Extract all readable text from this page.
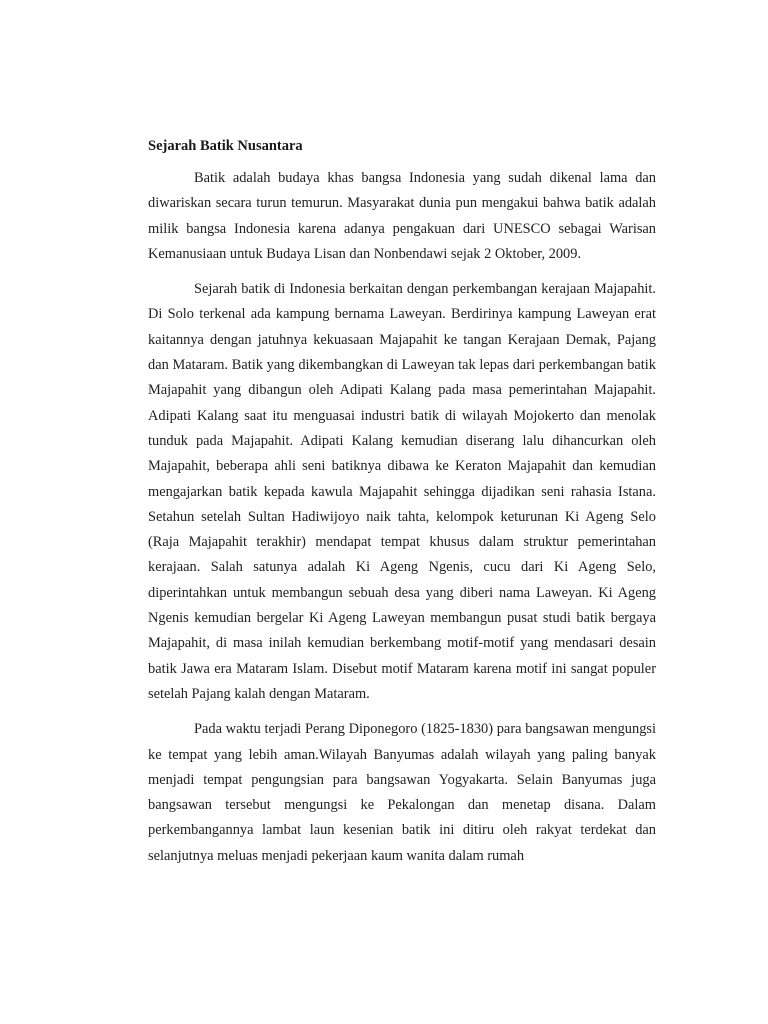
Sejarah Batik Nusantara

Batik adalah budaya khas bangsa Indonesia yang sudah dikenal lama dan diwariskan secara turun temurun. Masyarakat dunia pun mengakui bahwa batik adalah milik bangsa Indonesia karena adanya pengakuan dari UNESCO sebagai Warisan Kemanusiaan untuk Budaya Lisan dan Nonbendawi sejak 2 Oktober, 2009.

Sejarah batik di Indonesia berkaitan dengan perkembangan kerajaan Majapahit. Di Solo terkenal ada kampung bernama Laweyan. Berdirinya kampung Laweyan erat kaitannya dengan jatuhnya kekuasaan Majapahit ke tangan Kerajaan Demak, Pajang dan Mataram. Batik yang dikembangkan di Laweyan tak lepas dari perkembangan batik Majapahit yang dibangun oleh Adipati Kalang pada masa pemerintahan Majapahit. Adipati Kalang saat itu menguasai industri batik di wilayah Mojokerto dan menolak tunduk pada Majapahit. Adipati Kalang kemudian diserang lalu dihancurkan oleh Majapahit, beberapa ahli seni batiknya dibawa ke Keraton Majapahit dan kemudian mengajarkan batik kepada kawula Majapahit sehingga dijadikan seni rahasia Istana. Setahun setelah Sultan Hadiwijoyo naik tahta, kelompok keturunan Ki Ageng Selo (Raja Majapahit terakhir) mendapat tempat khusus dalam struktur pemerintahan kerajaan. Salah satunya adalah Ki Ageng Ngenis, cucu dari Ki Ageng Selo, diperintahkan untuk membangun sebuah desa yang diberi nama Laweyan. Ki Ageng Ngenis kemudian bergelar Ki Ageng Laweyan membangun pusat studi batik bergaya Majapahit, di masa inilah kemudian berkembang motif-motif yang mendasari desain batik Jawa era Mataram Islam. Disebut motif Mataram karena motif ini sangat populer setelah Pajang kalah dengan Mataram.

Pada waktu terjadi Perang Diponegoro (1825-1830) para bangsawan mengungsi ke tempat yang lebih aman.Wilayah Banyumas adalah wilayah yang paling banyak menjadi tempat pengungsian para bangsawan Yogyakarta. Selain Banyumas juga bangsawan tersebut mengungsi ke Pekalongan dan menetap disana. Dalam perkembangannya lambat laun kesenian batik ini ditiru oleh rakyat terdekat dan selanjutnya meluas menjadi pekerjaan kaum wanita dalam rumah
